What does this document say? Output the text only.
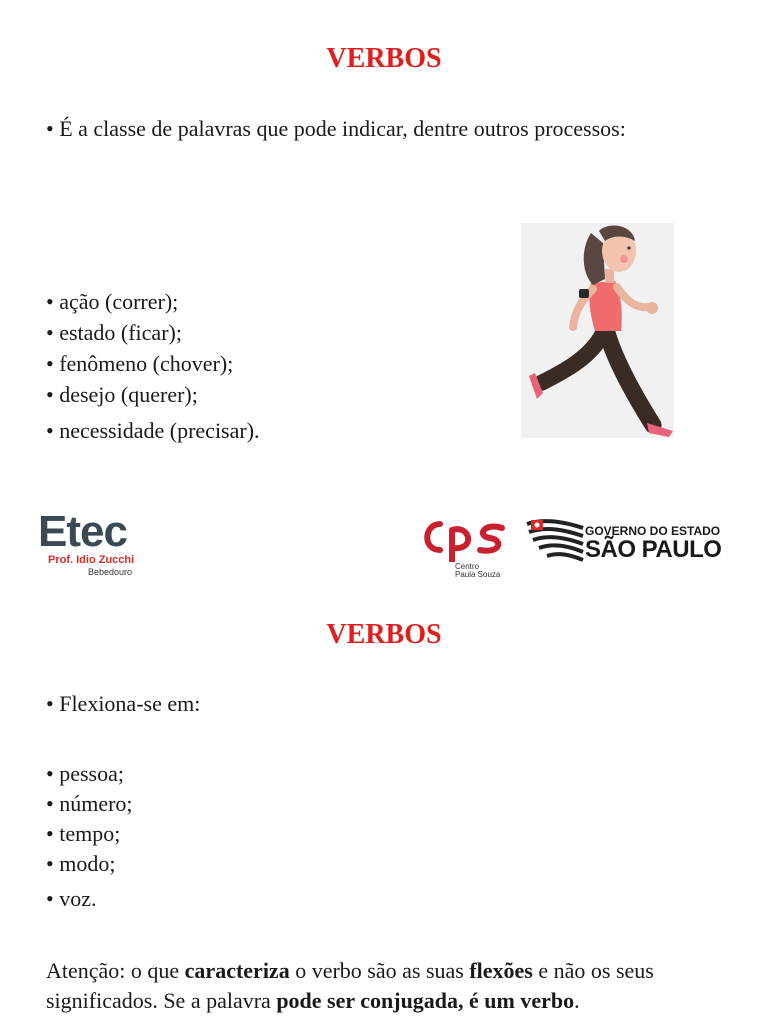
VERBOS
• É a classe de palavras que pode indicar, dentre outros processos:
• ação (correr);
• estado (ficar);
• fenômeno (chover);
• desejo (querer);
• necessidade (precisar).
Etec
Prof. Idio Zucchi
Bebedouro
Centro
Paula Souza
GOVERNO DO ESTADO
SÃO PAULO
VERBOS
• Flexiona-se em:
• pessoa;
• número;
• tempo;
• modo;
• voz.
Atenção: o que caracteriza o verbo são as suas flexões e não os seus significados. Se a palavra pode ser conjugada, é um verbo.
